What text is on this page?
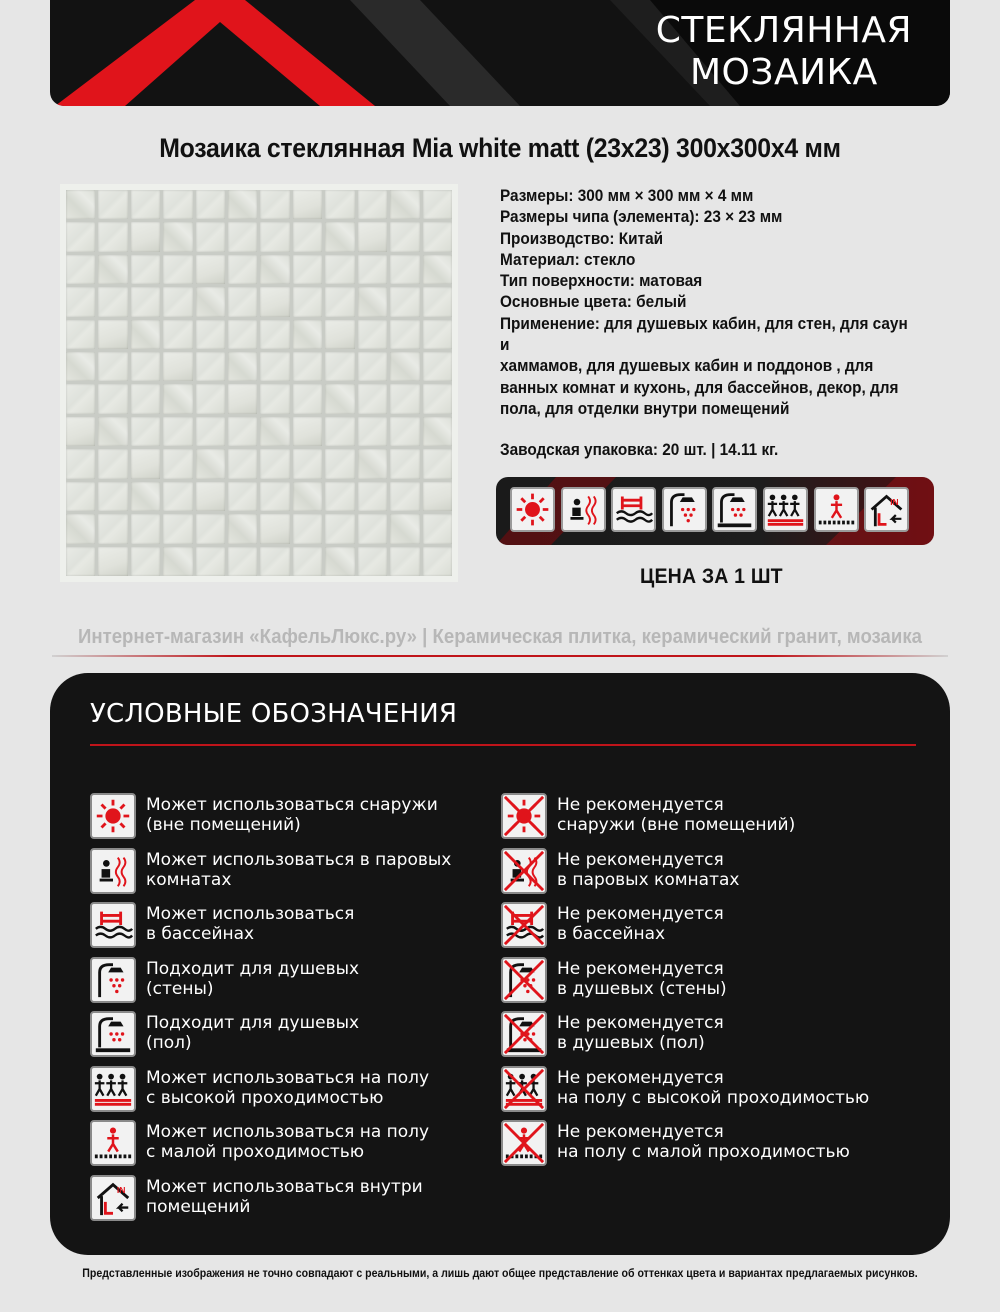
СТЕКЛЯННАЯ
МОЗАИКА
Мозаика стеклянная Mia white matt (23x23) 300x300x4 мм

Размеры: 300 мм × 300 мм × 4 мм

Размеры чипа (элемента): 23 × 23 мм

Производство: Китай

Материал: стекло

Тип поверхности: матовая

Основные цвета: белый

Применение: для душевых кабин, для стен, для саун и

хаммамов, для душевых кабин и поддонов , для

ванных комнат и кухонь, для бассейнов, декор, для

пола, для отделки внутри помещений

Заводская упаковка: 20 шт. | 14.11 кг.
IN
ЦЕНА ЗА 1 ШТ
Интернет-магазин «КафельЛюкс.ру» | Керамическая плитка, керамический гранит, мозаика
УСЛОВНЫЕ ОБОЗНАЧЕНИЯ
Может использоваться снаружи
(вне помещений)
Может использоваться в паровых
комнатах
Может использоваться
в бассейнах
Подходит для душевых
(стены)
Подходит для душевых
(пол)
Может использоваться на полу
с высокой проходимостью
Может использоваться на полу
с малой проходимостью
IN Может использоваться внутри
помещений
Не рекомендуется
снаружи (вне помещений)
Не рекомендуется
в паровых комнатах
Не рекомендуется
в бассейнах
Не рекомендуется
в душевых (стены)
Не рекомендуется
в душевых (пол)
Не рекомендуется
на полу с высокой проходимостью
Не рекомендуется
на полу с малой проходимостью
Представленные изображения не точно совпадают с реальными, а лишь дают общее представление об оттенках цвета и вариантах предлагаемых рисунков.
